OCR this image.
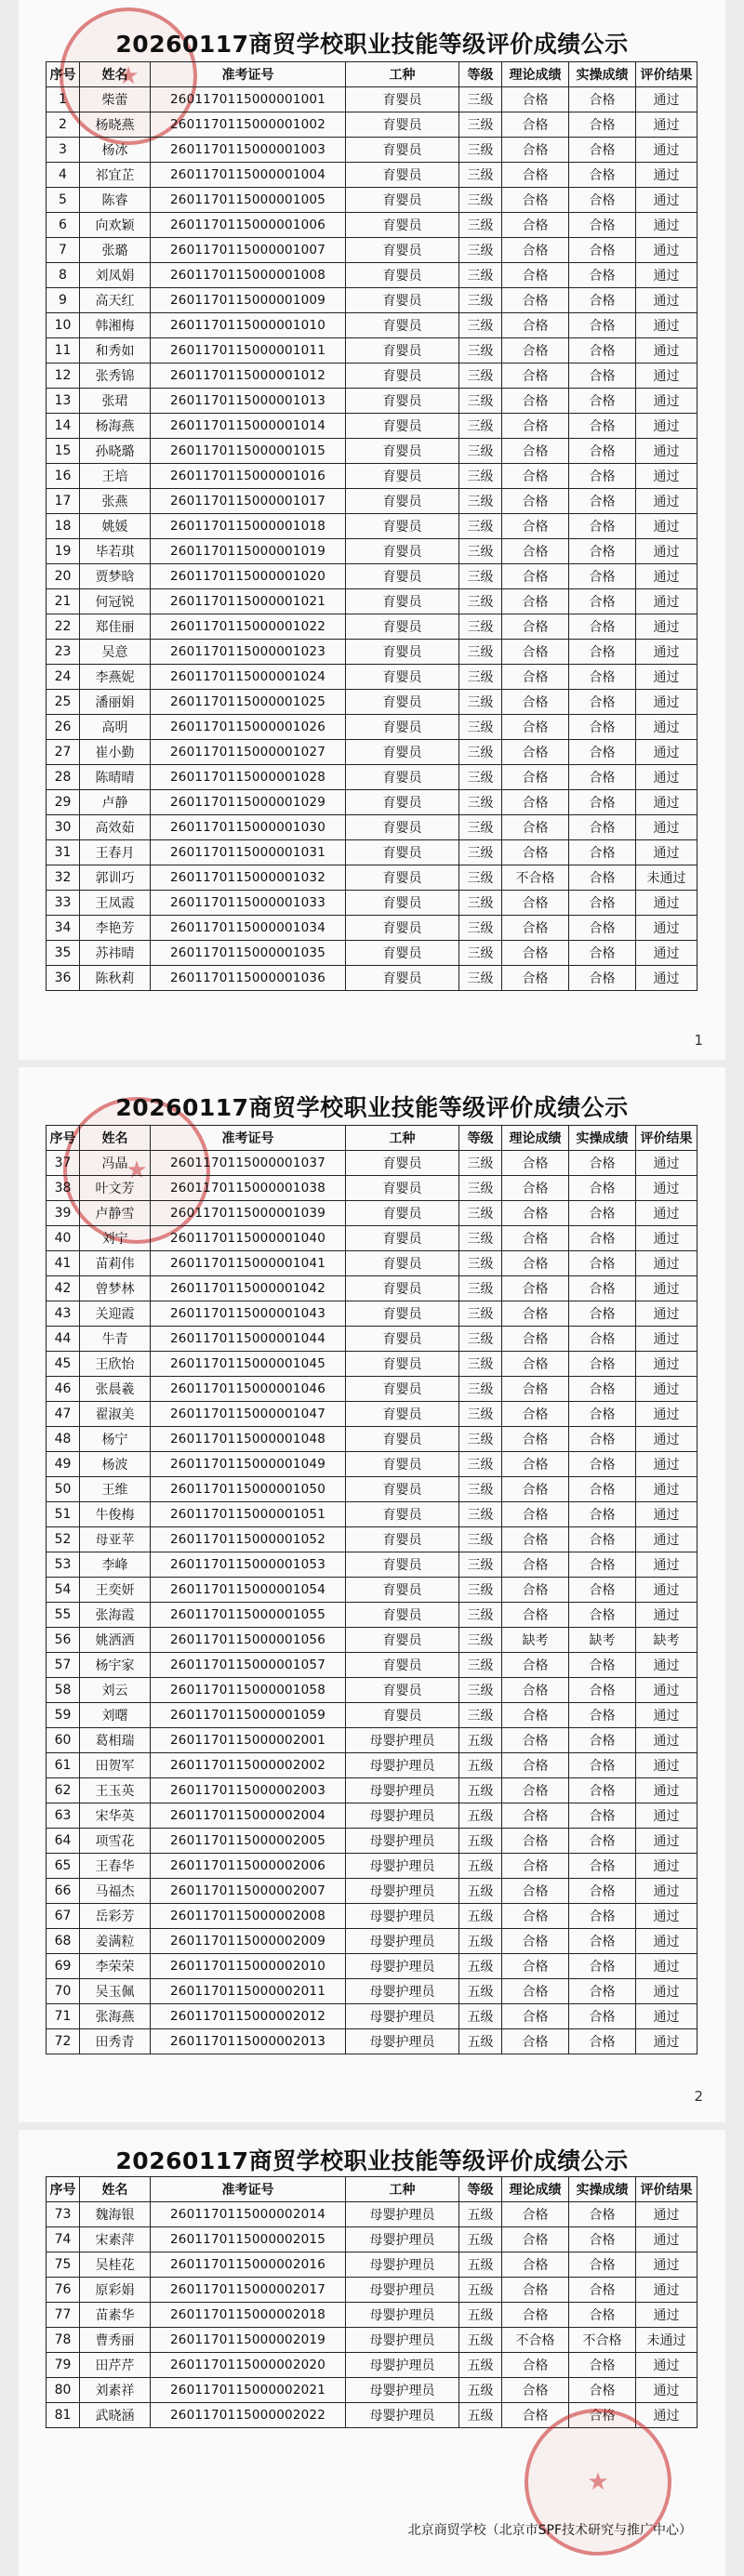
★
20260117商贸学校职业技能等级评价成绩公示
序号	姓名	准考证号	工种	等级	理论成绩	实操成绩	评价结果
1	柴蕾	2601170115000001001	育婴员	三级	合格	合格	通过
2	杨晓燕	2601170115000001002	育婴员	三级	合格	合格	通过
3	杨冰	2601170115000001003	育婴员	三级	合格	合格	通过
4	祁宜芷	2601170115000001004	育婴员	三级	合格	合格	通过
5	陈睿	2601170115000001005	育婴员	三级	合格	合格	通过
6	向欢颖	2601170115000001006	育婴员	三级	合格	合格	通过
7	张璐	2601170115000001007	育婴员	三级	合格	合格	通过
8	刘凤娟	2601170115000001008	育婴员	三级	合格	合格	通过
9	高天红	2601170115000001009	育婴员	三级	合格	合格	通过
10	韩湘梅	2601170115000001010	育婴员	三级	合格	合格	通过
11	和秀如	2601170115000001011	育婴员	三级	合格	合格	通过
12	张秀锦	2601170115000001012	育婴员	三级	合格	合格	通过
13	张珺	2601170115000001013	育婴员	三级	合格	合格	通过
14	杨海燕	2601170115000001014	育婴员	三级	合格	合格	通过
15	孙晓璐	2601170115000001015	育婴员	三级	合格	合格	通过
16	王培	2601170115000001016	育婴员	三级	合格	合格	通过
17	张燕	2601170115000001017	育婴员	三级	合格	合格	通过
18	姚媛	2601170115000001018	育婴员	三级	合格	合格	通过
19	毕若琪	2601170115000001019	育婴员	三级	合格	合格	通过
20	贾梦晗	2601170115000001020	育婴员	三级	合格	合格	通过
21	何冠锐	2601170115000001021	育婴员	三级	合格	合格	通过
22	郑佳丽	2601170115000001022	育婴员	三级	合格	合格	通过
23	吴意	2601170115000001023	育婴员	三级	合格	合格	通过
24	李燕妮	2601170115000001024	育婴员	三级	合格	合格	通过
25	潘丽娟	2601170115000001025	育婴员	三级	合格	合格	通过
26	高明	2601170115000001026	育婴员	三级	合格	合格	通过
27	崔小勤	2601170115000001027	育婴员	三级	合格	合格	通过
28	陈晴晴	2601170115000001028	育婴员	三级	合格	合格	通过
29	卢静	2601170115000001029	育婴员	三级	合格	合格	通过
30	高效茹	2601170115000001030	育婴员	三级	合格	合格	通过
31	王春月	2601170115000001031	育婴员	三级	合格	合格	通过
32	郭训巧	2601170115000001032	育婴员	三级	不合格	合格	未通过
33	王凤霞	2601170115000001033	育婴员	三级	合格	合格	通过
34	李艳芳	2601170115000001034	育婴员	三级	合格	合格	通过
35	苏祎晴	2601170115000001035	育婴员	三级	合格	合格	通过
36	陈秋莉	2601170115000001036	育婴员	三级	合格	合格	通过
1
★
20260117商贸学校职业技能等级评价成绩公示
序号	姓名	准考证号	工种	等级	理论成绩	实操成绩	评价结果
37	冯晶	2601170115000001037	育婴员	三级	合格	合格	通过
38	叶文芳	2601170115000001038	育婴员	三级	合格	合格	通过
39	卢静雪	2601170115000001039	育婴员	三级	合格	合格	通过
40	刘宁	2601170115000001040	育婴员	三级	合格	合格	通过
41	苗莉伟	2601170115000001041	育婴员	三级	合格	合格	通过
42	曾梦林	2601170115000001042	育婴员	三级	合格	合格	通过
43	关迎霞	2601170115000001043	育婴员	三级	合格	合格	通过
44	牛青	2601170115000001044	育婴员	三级	合格	合格	通过
45	王欣怡	2601170115000001045	育婴员	三级	合格	合格	通过
46	张晨羲	2601170115000001046	育婴员	三级	合格	合格	通过
47	翟淑美	2601170115000001047	育婴员	三级	合格	合格	通过
48	杨宁	2601170115000001048	育婴员	三级	合格	合格	通过
49	杨波	2601170115000001049	育婴员	三级	合格	合格	通过
50	王维	2601170115000001050	育婴员	三级	合格	合格	通过
51	牛俊梅	2601170115000001051	育婴员	三级	合格	合格	通过
52	母亚苹	2601170115000001052	育婴员	三级	合格	合格	通过
53	李峰	2601170115000001053	育婴员	三级	合格	合格	通过
54	王奕妍	2601170115000001054	育婴员	三级	合格	合格	通过
55	张海霞	2601170115000001055	育婴员	三级	合格	合格	通过
56	姚洒洒	2601170115000001056	育婴员	三级	缺考	缺考	缺考
57	杨宇家	2601170115000001057	育婴员	三级	合格	合格	通过
58	刘云	2601170115000001058	育婴员	三级	合格	合格	通过
59	刘曙	2601170115000001059	育婴员	三级	合格	合格	通过
60	葛相瑞	2601170115000002001	母婴护理员	五级	合格	合格	通过
61	田贺军	2601170115000002002	母婴护理员	五级	合格	合格	通过
62	王玉英	2601170115000002003	母婴护理员	五级	合格	合格	通过
63	宋华英	2601170115000002004	母婴护理员	五级	合格	合格	通过
64	项雪花	2601170115000002005	母婴护理员	五级	合格	合格	通过
65	王春华	2601170115000002006	母婴护理员	五级	合格	合格	通过
66	马福杰	2601170115000002007	母婴护理员	五级	合格	合格	通过
67	岳彩芳	2601170115000002008	母婴护理员	五级	合格	合格	通过
68	姜满粒	2601170115000002009	母婴护理员	五级	合格	合格	通过
69	李荣荣	2601170115000002010	母婴护理员	五级	合格	合格	通过
70	吴玉佩	2601170115000002011	母婴护理员	五级	合格	合格	通过
71	张海燕	2601170115000002012	母婴护理员	五级	合格	合格	通过
72	田秀青	2601170115000002013	母婴护理员	五级	合格	合格	通过
2
20260117商贸学校职业技能等级评价成绩公示
序号	姓名	准考证号	工种	等级	理论成绩	实操成绩	评价结果
73	魏海银	2601170115000002014	母婴护理员	五级	合格	合格	通过
74	宋素萍	2601170115000002015	母婴护理员	五级	合格	合格	通过
75	吴桂花	2601170115000002016	母婴护理员	五级	合格	合格	通过
76	原彩娟	2601170115000002017	母婴护理员	五级	合格	合格	通过
77	苗素华	2601170115000002018	母婴护理员	五级	合格	合格	通过
78	曹秀丽	2601170115000002019	母婴护理员	五级	不合格	不合格	未通过
79	田芹芹	2601170115000002020	母婴护理员	五级	合格	合格	通过
80	刘素祥	2601170115000002021	母婴护理员	五级	合格	合格	通过
81	武晓涵	2601170115000002022	母婴护理员	五级	合格	合格	通过
★
北京商贸学校（北京市SPF技术研究与推广中心）
